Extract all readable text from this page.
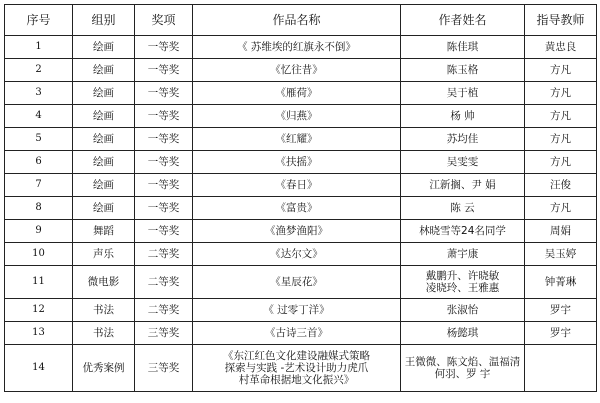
序号	组别	奖项	作品名称	作者姓名	指导教师
1	绘画	一等奖	《 苏维埃的红旗永不倒》	陈佳琪	黄忠良
2	绘画	一等奖	《忆往昔》	陈玉格	方凡
3	绘画	一等奖	《雁荷》	吴于植	方凡
4	绘画	一等奖	《归燕》	杨 帅	方凡
5	绘画	一等奖	《红耀》	苏均佳	方凡
6	绘画	一等奖	《扶摇》	吴雯雯	方凡
7	绘画	一等奖	《春日》	江新搁、尹 娟	汪俊
8	绘画	一等奖	《富贵》	陈 云	方凡
9	舞蹈	一等奖	《渔梦渔阳》	林晓雪等24名同学	周娟
10	声乐	二等奖	《达尔文》	萧宇康	吴玉婷
11	微电影	二等奖	《星辰花》	戴鹏升、许晓敏
凌晓玲、王雅惠	钟菁琳
12	书法	二等奖	《 过零丁洋》	张淑怡	罗宇
13	书法	三等奖	《古诗三首》	杨懿琪	罗宇
14	优秀案例	三等奖	《东江红色文化建设融媒式策略
探索与实践 -艺术设计助力虎爪
村革命根据地文化振兴》	王微微、陈文焰、温福清
何羽、罗 宇	
